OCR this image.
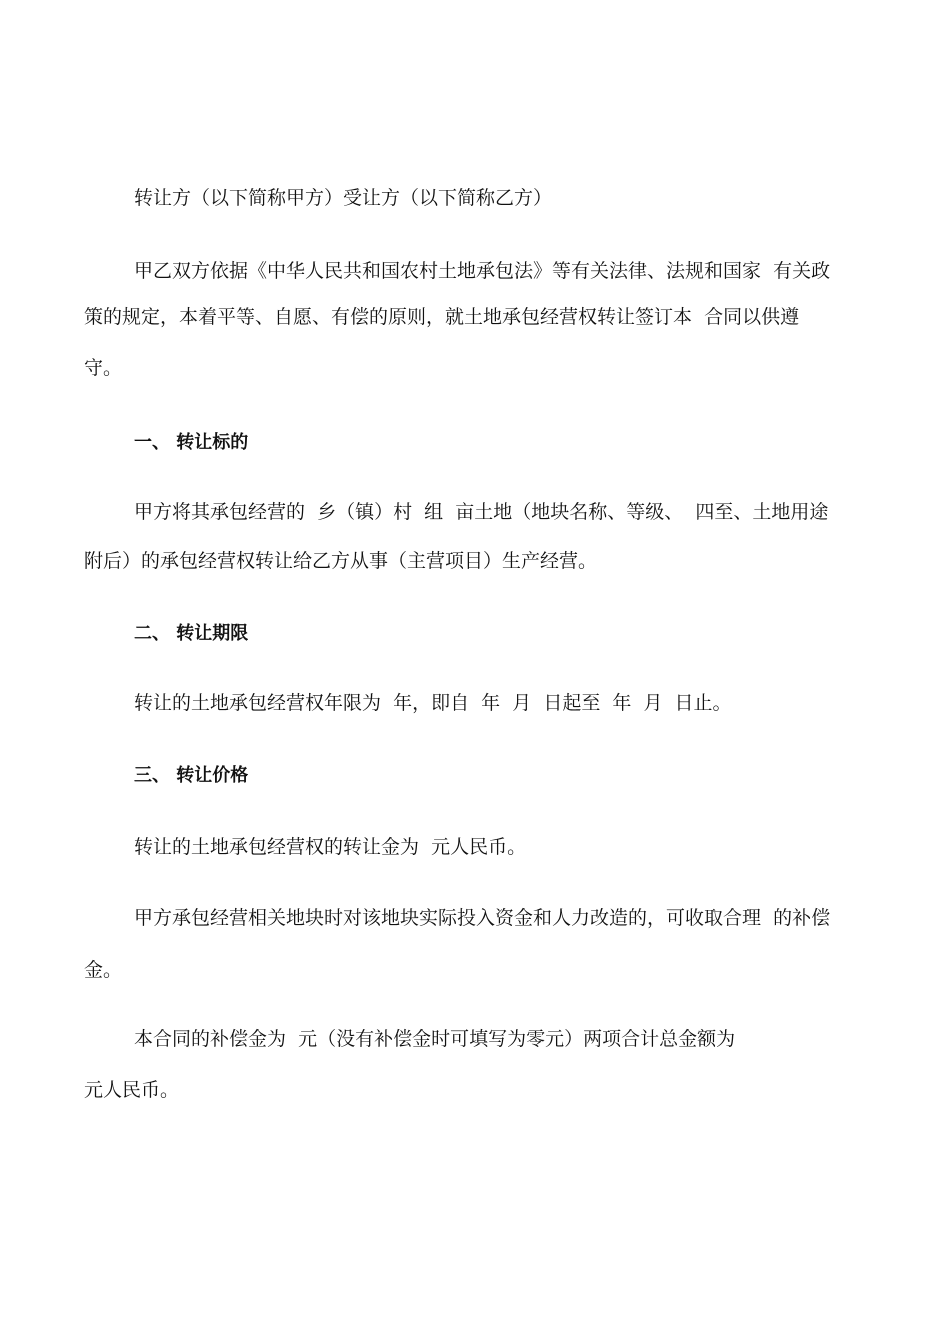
转让方（以下简称甲方）受让方（以下简称乙方）

甲乙双方依据《中华人民共和国农村土地承包法》等有关法律、法规和国家  有关政

策的规定，本着平等、自愿、有偿的原则，就土地承包经营权转让签订本  合同以供遵

守。

一、 转让标的

甲方将其承包经营的  乡（镇）村  组  亩土地（地块名称、等级、  四至、土地用途

附后）的承包经营权转让给乙方从事（主营项目）生产经营。

二、 转让期限

转让的土地承包经营权年限为  年，即自  年  月  日起至  年  月  日止。

三、 转让价格

转让的土地承包经营权的转让金为  元人民币。

甲方承包经营相关地块时对该地块实际投入资金和人力改造的，可收取合理  的补偿

金。

本合同的补偿金为  元（没有补偿金时可填写为零元）两项合计总金额为

元人民币。
